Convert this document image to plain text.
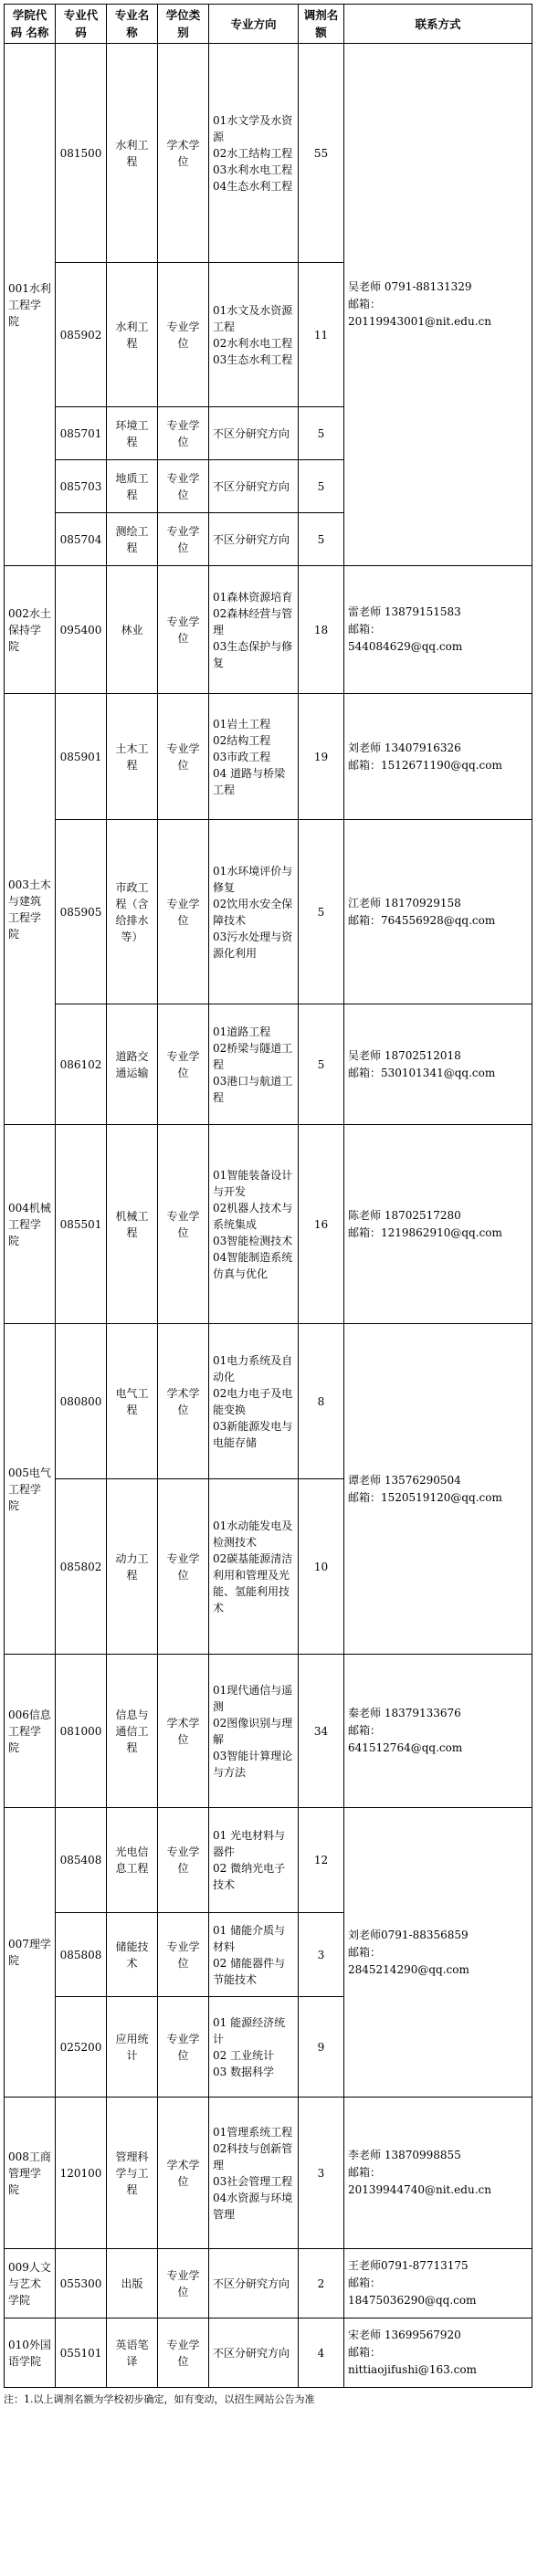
学院代码 名称	专业代码	专业名称	学位类别	专业方向	调剂名额	联系方式
001水利工程学院	081500	水利工程	学术学位	01水文学及水资源
02水工结构工程
03水利水电工程
04生态水利工程	55	吴老师 0791-88131329
邮箱：
20119943001@nit.edu.cn
	085902	水利工程	专业学位	01水文及水资源工程
02水利水电工程
03生态水利工程	11	
	085701	环境工程	专业学位	不区分研究方向	5	
	085703	地质工程	专业学位	不区分研究方向	5	
	085704	测绘工程	专业学位	不区分研究方向	5	
002水土保持学院	095400	林业	专业学位	01森林资源培育 02森林经营与管理
03生态保护与修复	18	雷老师 13879151583
邮箱：
544084629@qq.com
003土木与建筑工程学院	085901	土木工程	专业学位	01岩土工程
02结构工程
03市政工程
04 道路与桥梁工程	19	刘老师 13407916326
邮箱：1512671190@qq.com
	085905	市政工程（含给排水等）	专业学位	01水环境评价与修复
02饮用水安全保障技术
03污水处理与资源化利用	5	江老师 18170929158
邮箱：764556928@qq.com
	086102	道路交通运输	专业学位	01道路工程
02桥梁与隧道工程
03港口与航道工程	5	吴老师 18702512018
邮箱：530101341@qq.com
004机械工程学院	085501	机械工程	专业学位	01智能装备设计与开发
02机器人技术与系统集成
03智能检测技术
04智能制造系统仿真与优化	16	陈老师 18702517280
邮箱：1219862910@qq.com
005电气工程学院	080800	电气工程	学术学位	01电力系统及自动化
02电力电子及电能变换
03新能源发电与电能存储	8	谭老师 13576290504
邮箱：1520519120@qq.com
	085802	动力工程	专业学位	01水动能发电及检测技术
02碳基能源清洁利用和管理及光能、氢能利用技术	10	
006信息工程学院	081000	信息与通信工程	学术学位	01现代通信与遥测
02图像识别与理解
03智能计算理论与方法	34	秦老师 18379133676
邮箱：
641512764@qq.com
007理学院	085408	光电信息工程	专业学位	01 光电材料与器件
02 微纳光电子技术	12	刘老师0791-88356859
邮箱：
2845214290@qq.com
	085808	储能技术	专业学位	01 储能介质与材料
02 储能器件与节能技术	3	
	025200	应用统计	专业学位	01 能源经济统计
02 工业统计
03 数据科学	9	
008工商管理学院	120100	管理科学与工程	学术学位	01管理系统工程
02科技与创新管理
03社会管理工程
04水资源与环境管理	3	李老师 13870998855
邮箱：
20139944740@nit.edu.cn
009人文与艺术学院	055300	出版	专业学位	不区分研究方向	2	王老师0791-87713175
邮箱：
18475036290@qq.com
010外国语学院	055101	英语笔译	专业学位	不区分研究方向	4	宋老师 13699567920
邮箱：
nittiaojifushi@163.com
注：1.以上调剂名额为学校初步确定，如有变动，以招生网站公告为准
